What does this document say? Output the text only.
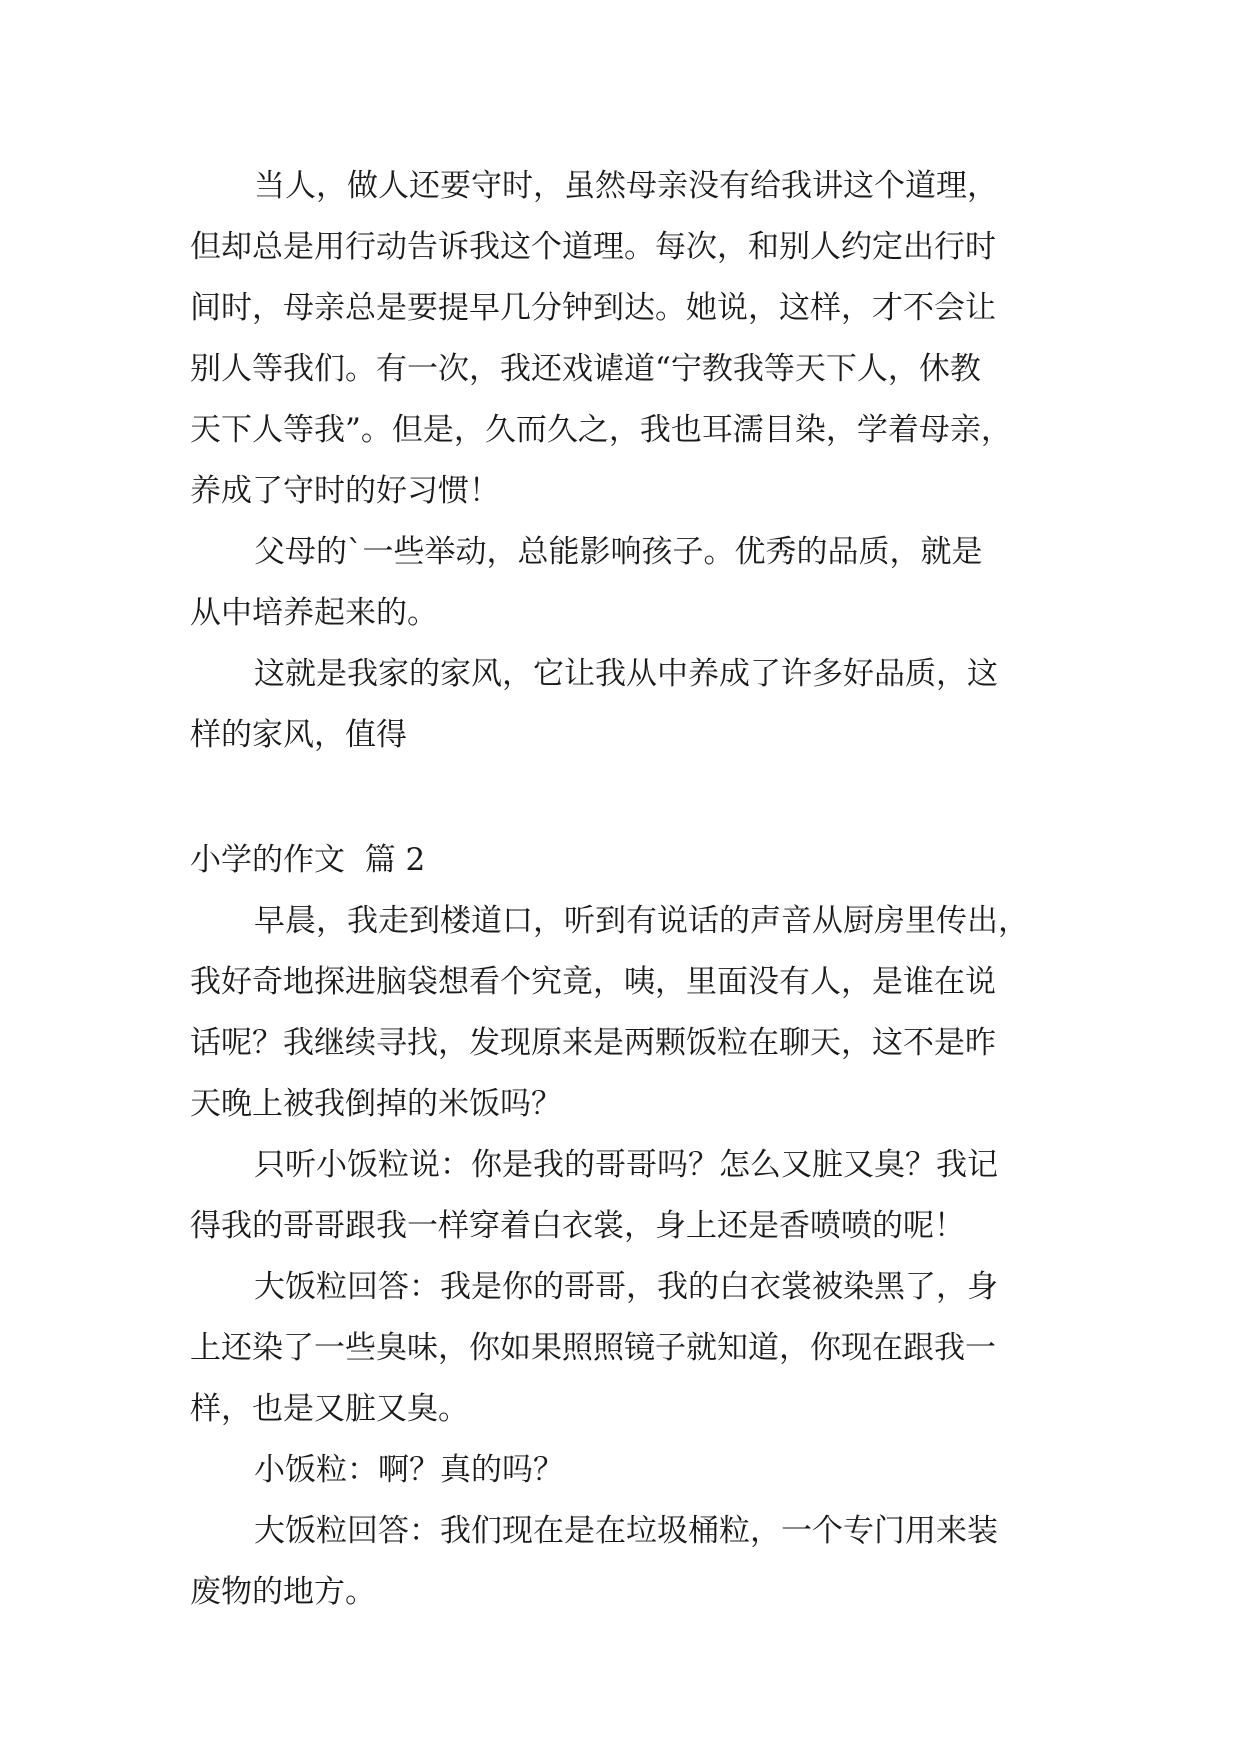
当人，做人还要守时，虽然母亲没有给我讲这个道理，
但却总是用行动告诉我这个道理。每次，和别人约定出行时
间时，母亲总是要提早几分钟到达。她说，这样，才不会让
别人等我们。有一次，我还戏谑道“宁教我等天下人，休教
天下人等我”。但是，久而久之，我也耳濡目染，学着母亲，
养成了守时的好习惯！
父母的`一些举动，总能影响孩子。优秀的品质，就是
从中培养起来的。
这就是我家的家风，它让我从中养成了许多好品质，这
样的家风，值得
小学的作文  篇 2
早晨，我走到楼道口，听到有说话的声音从厨房里传出，
我好奇地探进脑袋想看个究竟，咦，里面没有人，是谁在说
话呢？我继续寻找，发现原来是两颗饭粒在聊天，这不是昨
天晚上被我倒掉的米饭吗？
只听小饭粒说：你是我的哥哥吗？怎么又脏又臭？我记
得我的哥哥跟我一样穿着白衣裳，身上还是香喷喷的呢！
大饭粒回答：我是你的哥哥，我的白衣裳被染黑了，身
上还染了一些臭味，你如果照照镜子就知道，你现在跟我一
样，也是又脏又臭。
小饭粒：啊？真的吗？
大饭粒回答：我们现在是在垃圾桶粒，一个专门用来装
废物的地方。
